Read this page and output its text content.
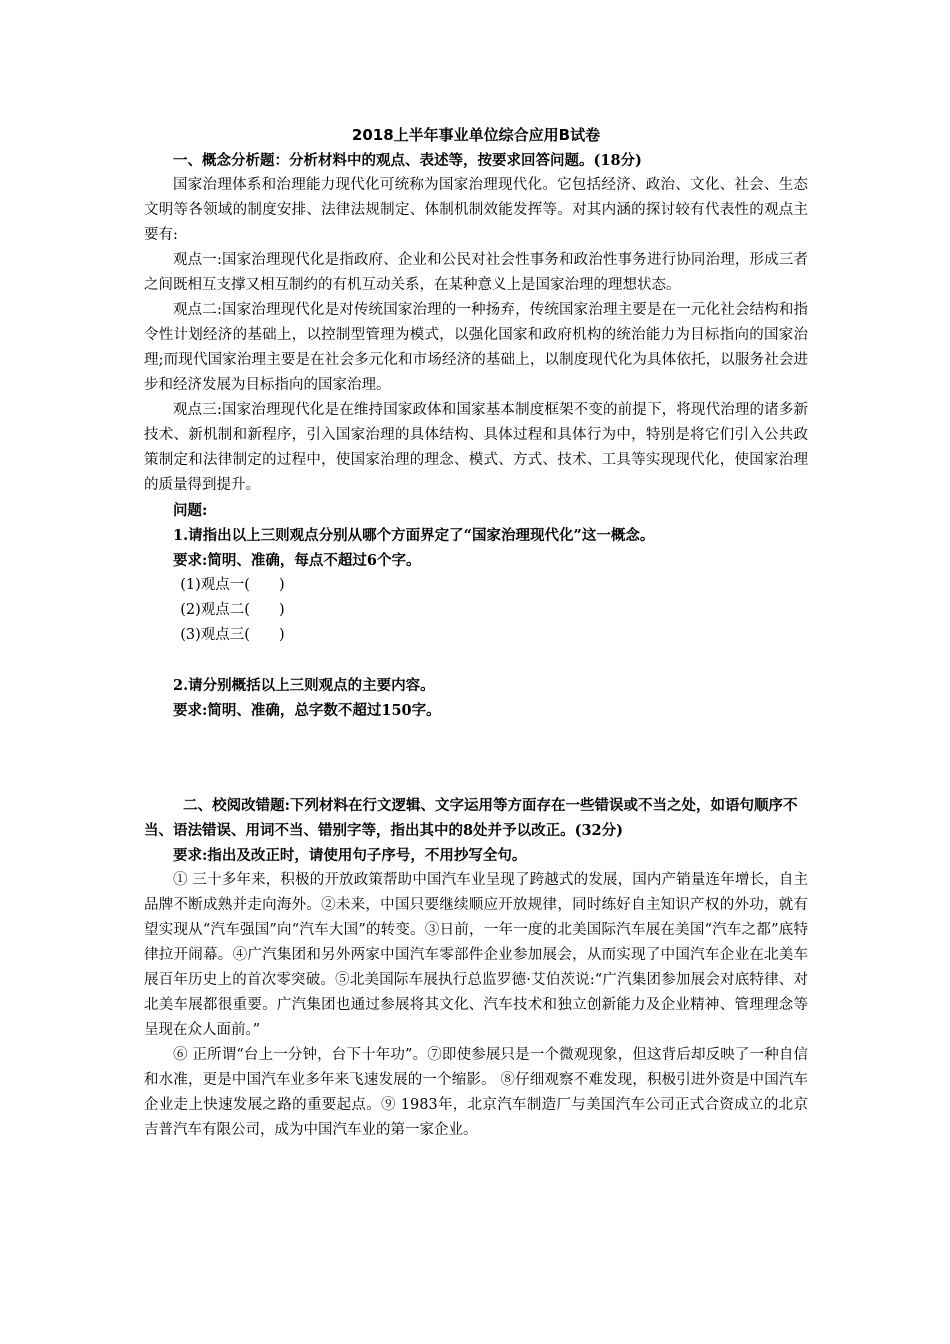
2018上半年事业单位综合应用B试卷

一、概念分析题：分析材料中的观点、表述等，按要求回答问题。(18分)

国家治理体系和治理能力现代化可统称为国家治理现代化。它包括经济、政治、文化、社会、生态文明等各领域的制度安排、法律法规制定、体制机制效能发挥等。对其内涵的探讨较有代表性的观点主要有:

观点一:国家治理现代化是指政府、企业和公民对社会性事务和政治性事务进行协同治理，形成三者之间既相互支撑又相互制约的有机互动关系，在某种意义上是国家治理的理想状态。

观点二:国家治理现代化是对传统国家治理的一种扬弃，传统国家治理主要是在一元化社会结构和指令性计划经济的基础上，以控制型管理为模式，以强化国家和政府机构的统治能力为目标指向的国家治理;而现代国家治理主要是在社会多元化和市场经济的基础上，以制度现代化为具体依托，以服务社会进步和经济发展为目标指向的国家治理。

观点三:国家治理现代化是在维持国家政体和国家基本制度框架不变的前提下，将现代治理的诸多新技术、新机制和新程序，引入国家治理的具体结构、具体过程和具体行为中，特别是将它们引入公共政策制定和法律制定的过程中，使国家治理的理念、模式、方式、技术、工具等实现现代化，使国家治理的质量得到提升。

问题:

1.请指出以上三则观点分别从哪个方面界定了“国家治理现代化”这一概念。

要求:简明、准确，每点不超过6个字。

(1)观点一(　　)

(2)观点二(　　)

(3)观点三(　　)

2.请分别概括以上三则观点的主要内容。

要求:简明、准确，总字数不超过150字。

二、校阅改错题:下列材料在行文逻辑、文字运用等方面存在一些错误或不当之处，如语句顺序不当、语法错误、用词不当、错别字等，指出其中的8处并予以改正。(32分)

要求:指出及改正时，请使用句子序号，不用抄写全句。

① 三十多年来，积极的开放政策帮助中国汽车业呈现了跨越式的发展，国内产销量连年增长，自主品牌不断成熟并走向海外。②未来，中国只要继续顺应开放规律，同时练好自主知识产权的外功，就有望实现从“汽车强国”向“汽车大国”的转变。③日前，一年一度的北美国际汽车展在美国“汽车之都”底特律拉开闹幕。④广汽集团和另外两家中国汽车零部件企业参加展会，从而实现了中国汽车企业在北美车展百年历史上的首次零突破。⑤北美国际车展执行总监罗德·艾伯茨说:“广汽集团参加展会对底特律、对北美车展都很重要。广汽集团也通过参展将其文化、汽车技术和独立创新能力及企业精神、管理理念等呈现在众人面前。”

⑥ 正所谓“台上一分钟，台下十年功”。⑦即使参展只是一个微观现象，但这背后却反映了一种自信和水准，更是中国汽车业多年来飞速发展的一个缩影。 ⑧仔细观察不难发现，积极引进外资是中国汽车企业走上快速发展之路的重要起点。⑨ 1983年，北京汽车制造厂与美国汽车公司正式合资成立的北京吉普汽车有限公司，成为中国汽车业的第一家企业。
